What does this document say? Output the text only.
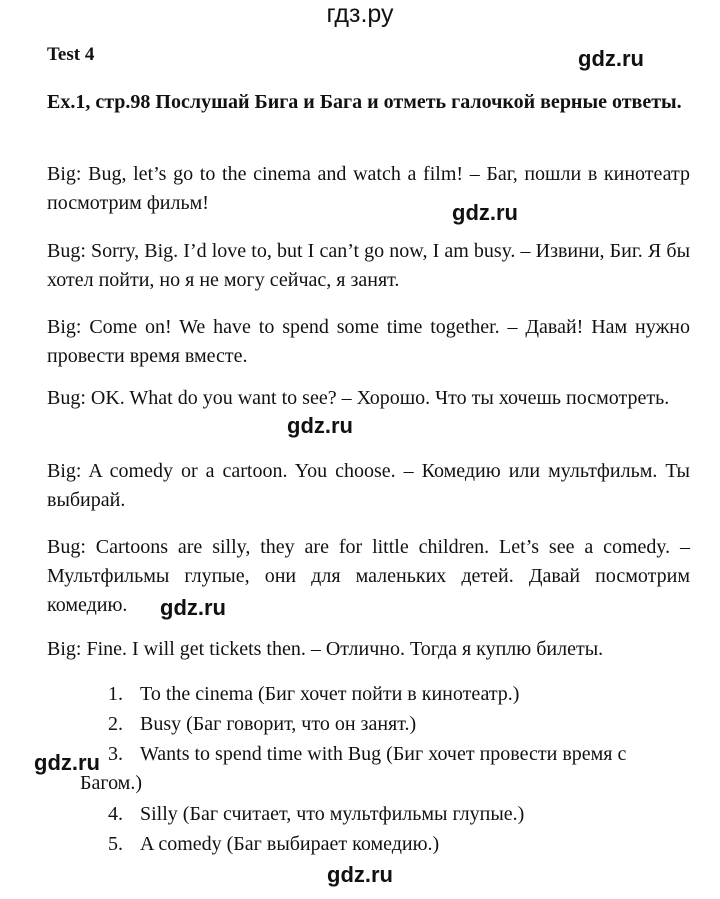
гдз.ру
Test 4	gdz.ru
Ex.1, стр.98 Послушай Бига и Бага и отметь галочкой верные ответы.
Big: Bug, let’s go to the cinema and watch a film! – Баг, пошли в кинотеатр посмотрим фильм!	gdz.ru
Bug: Sorry, Big. I’d love to, but I can’t go now, I am busy. – Извини, Биг. Я бы хотел пойти, но я не могу сейчас, я занят.
Big: Come on! We have to spend some time together. – Давай! Нам нужно провести время вместе.
Bug: OK. What do you want to see? – Хорошо. Что ты хочешь посмотреть.
gdz.ru
Big: A comedy or a cartoon. You choose. – Комедию или мультфильм. Ты выбирай.
Bug: Cartoons are silly, they are for little children. Let’s see a comedy. – Мультфильмы глупые, они для маленьких детей. Давай посмотрим комедию.	gdz.ru
Big: Fine. I will get tickets then. – Отлично. Тогда я куплю билеты.
1. To the cinema (Биг хочет пойти в кинотеатр.)
2. Busy (Баг говорит, что он занят.)
3. Wants to spend time with Bug (Биг хочет провести время с
Багом.)
4. Silly (Баг считает, что мультфильмы глупые.)
5. A comedy (Баг выбирает комедию.)
gdz.ru
gdz.ru
